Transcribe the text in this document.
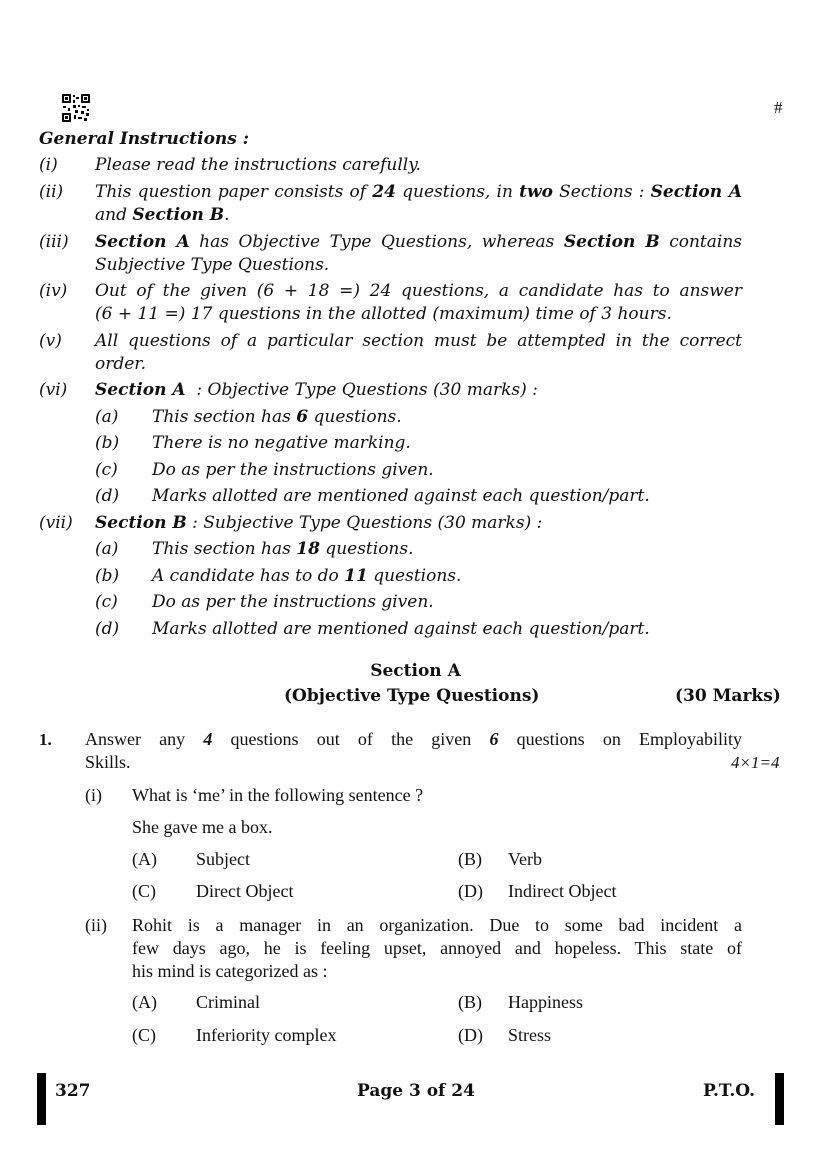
#
General Instructions :
(i) Please read the instructions carefully.
(ii) This question paper consists of 24 questions, in two Sections : Section A
and Section B.
(iii) Section A has Objective Type Questions, whereas Section B contains
Subjective Type Questions.
(iv) Out of the given (6 + 18 =) 24 questions, a candidate has to answer
(6 + 11 =) 17 questions in the allotted (maximum) time of 3 hours.
(v) All questions of a particular section must be attempted in the correct
order.
(vi) Section A  : Objective Type Questions (30 marks) :
(a) This section has 6 questions.
(b) There is no negative marking.
(c) Do as per the instructions given.
(d) Marks allotted are mentioned against each question/part.
(vii) Section B : Subjective Type Questions (30 marks) :
(a) This section has 18 questions.
(b) A candidate has to do 11 questions.
(c) Do as per the instructions given.
(d) Marks allotted are mentioned against each question/part.
Section A
(Objective Type Questions)	(30 Marks)
1. Answer any 4 questions out of the given 6 questions on Employability
Skills.	4×1=4
(i) What is ‘me’ in the following sentence ?
She gave me a box.
(A) Subject	(B) Verb
(C) Direct Object	(D) Indirect Object
(ii) Rohit is a manager in an organization. Due to some bad incident a
few days ago, he is feeling upset, annoyed and hopeless. This state of
his mind is categorized as :
(A) Criminal	(B) Happiness
(C) Inferiority complex	(D) Stress
327	Page 3 of 24	P.T.O.
